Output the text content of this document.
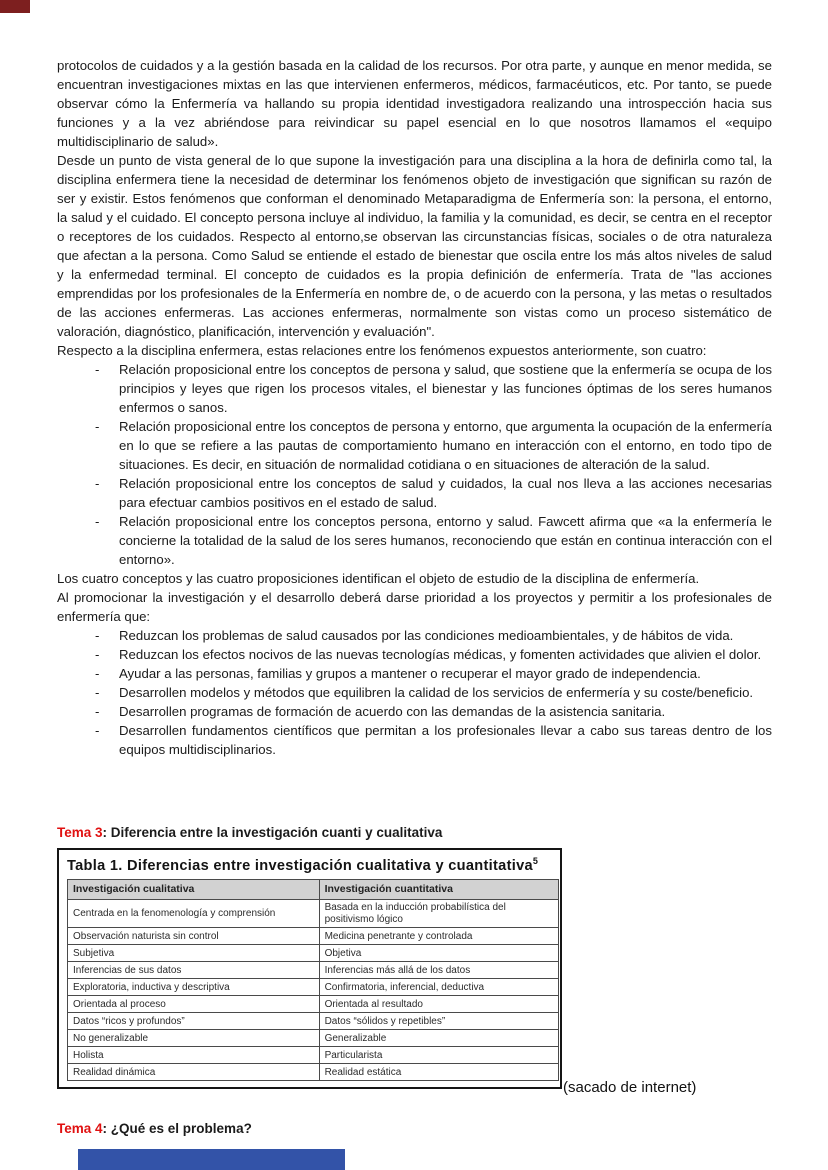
protocolos de cuidados y a la gestión basada en la calidad de los recursos. Por otra parte, y aunque en menor medida, se encuentran investigaciones mixtas en las que intervienen enfermeros, médicos, farmacéuticos, etc. Por tanto, se puede observar cómo la Enfermería va hallando su propia identidad investigadora realizando una introspección hacia sus funciones y a la vez abriéndose para reivindicar su papel esencial en lo que nosotros llamamos el «equipo multidisciplinario de salud».

Desde un punto de vista general de lo que supone la investigación para una disciplina a la hora de definirla como tal, la disciplina enfermera tiene la necesidad de determinar los fenómenos objeto de investigación que significan su razón de ser y existir. Estos fenómenos que conforman el denominado Metaparadigma de Enfermería son: la persona, el entorno, la salud y el cuidado. El concepto persona incluye al individuo, la familia y la comunidad, es decir, se centra en el receptor o receptores de los cuidados. Respecto al entorno,se observan las circunstancias físicas, sociales o de otra naturaleza que afectan a la persona. Como Salud se entiende el estado de bienestar que oscila entre los más altos niveles de salud y la enfermedad terminal. El concepto de cuidados es la propia definición de enfermería. Trata de "las acciones emprendidas por los profesionales de la Enfermería en nombre de, o de acuerdo con la persona, y las metas o resultados de las acciones enfermeras. Las acciones enfermeras, normalmente son vistas como un proceso sistemático de valoración, diagnóstico, planificación, intervención y evaluación".

Respecto a la disciplina enfermera, estas relaciones entre los fenómenos expuestos anteriormente, son cuatro:

-	Relación proposicional entre los conceptos de persona y salud, que sostiene que la enfermería se ocupa de los principios y leyes que rigen los procesos vitales, el bienestar y las funciones óptimas de los seres humanos enfermos o sanos.
-	Relación proposicional entre los conceptos de persona y entorno, que argumenta la ocupación de la enfermería en lo que se refiere a las pautas de comportamiento humano en interacción con el entorno, en todo tipo de situaciones. Es decir, en situación de normalidad cotidiana o en situaciones de alteración de la salud.
-	Relación proposicional entre los conceptos de salud y cuidados, la cual nos lleva a las acciones necesarias para efectuar cambios positivos en el estado de salud.
-	Relación proposicional entre los conceptos persona, entorno y salud. Fawcett afirma que «a la enfermería le concierne la totalidad de la salud de los seres humanos, reconociendo que están en continua interacción con el entorno».

Los cuatro conceptos y las cuatro proposiciones identifican el objeto de estudio de la disciplina de enfermería.

Al promocionar la investigación y el desarrollo deberá darse prioridad a los proyectos y permitir a los profesionales de enfermería que:

-	Reduzcan los problemas de salud causados por las condiciones medioambientales, y de hábitos de vida.
-	Reduzcan los efectos nocivos de las nuevas tecnologías médicas, y fomenten actividades que alivien el dolor.
-	Ayudar a las personas, familias y grupos a mantener o recuperar el mayor grado de independencia.
-	Desarrollen modelos y métodos que equilibren la calidad de los servicios de enfermería y su coste/beneficio.
-	Desarrollen programas de formación de acuerdo con las demandas de la asistencia sanitaria.
-	Desarrollen fundamentos científicos que permitan a los profesionales llevar a cabo sus tareas dentro de los equipos multidisciplinarios.
Tema 3: Diferencia entre la investigación cuanti y cualitativa
Tabla 1. Diferencias entre investigación cualitativa y cuantitativa$^5$
Investigación cualitativa	Investigación cuantitativa
Centrada en la fenomenología y comprensión	Basada en la inducción probabilística del positivismo lógico
Observación naturista sin control	Medicina penetrante y controlada
Subjetiva	Objetiva
Inferencias de sus datos	Inferencias más allá de los datos
Exploratoria, inductiva y descriptiva	Confirmatoria, inferencial, deductiva
Orientada al proceso	Orientada al resultado
Datos “ricos y profundos”	Datos “sólidos y repetibles”
No generalizable	Generalizable
Holista	Particularista
Realidad dinámica	Realidad estática
(sacado de internet)
Tema 4: ¿Qué es el problema?
